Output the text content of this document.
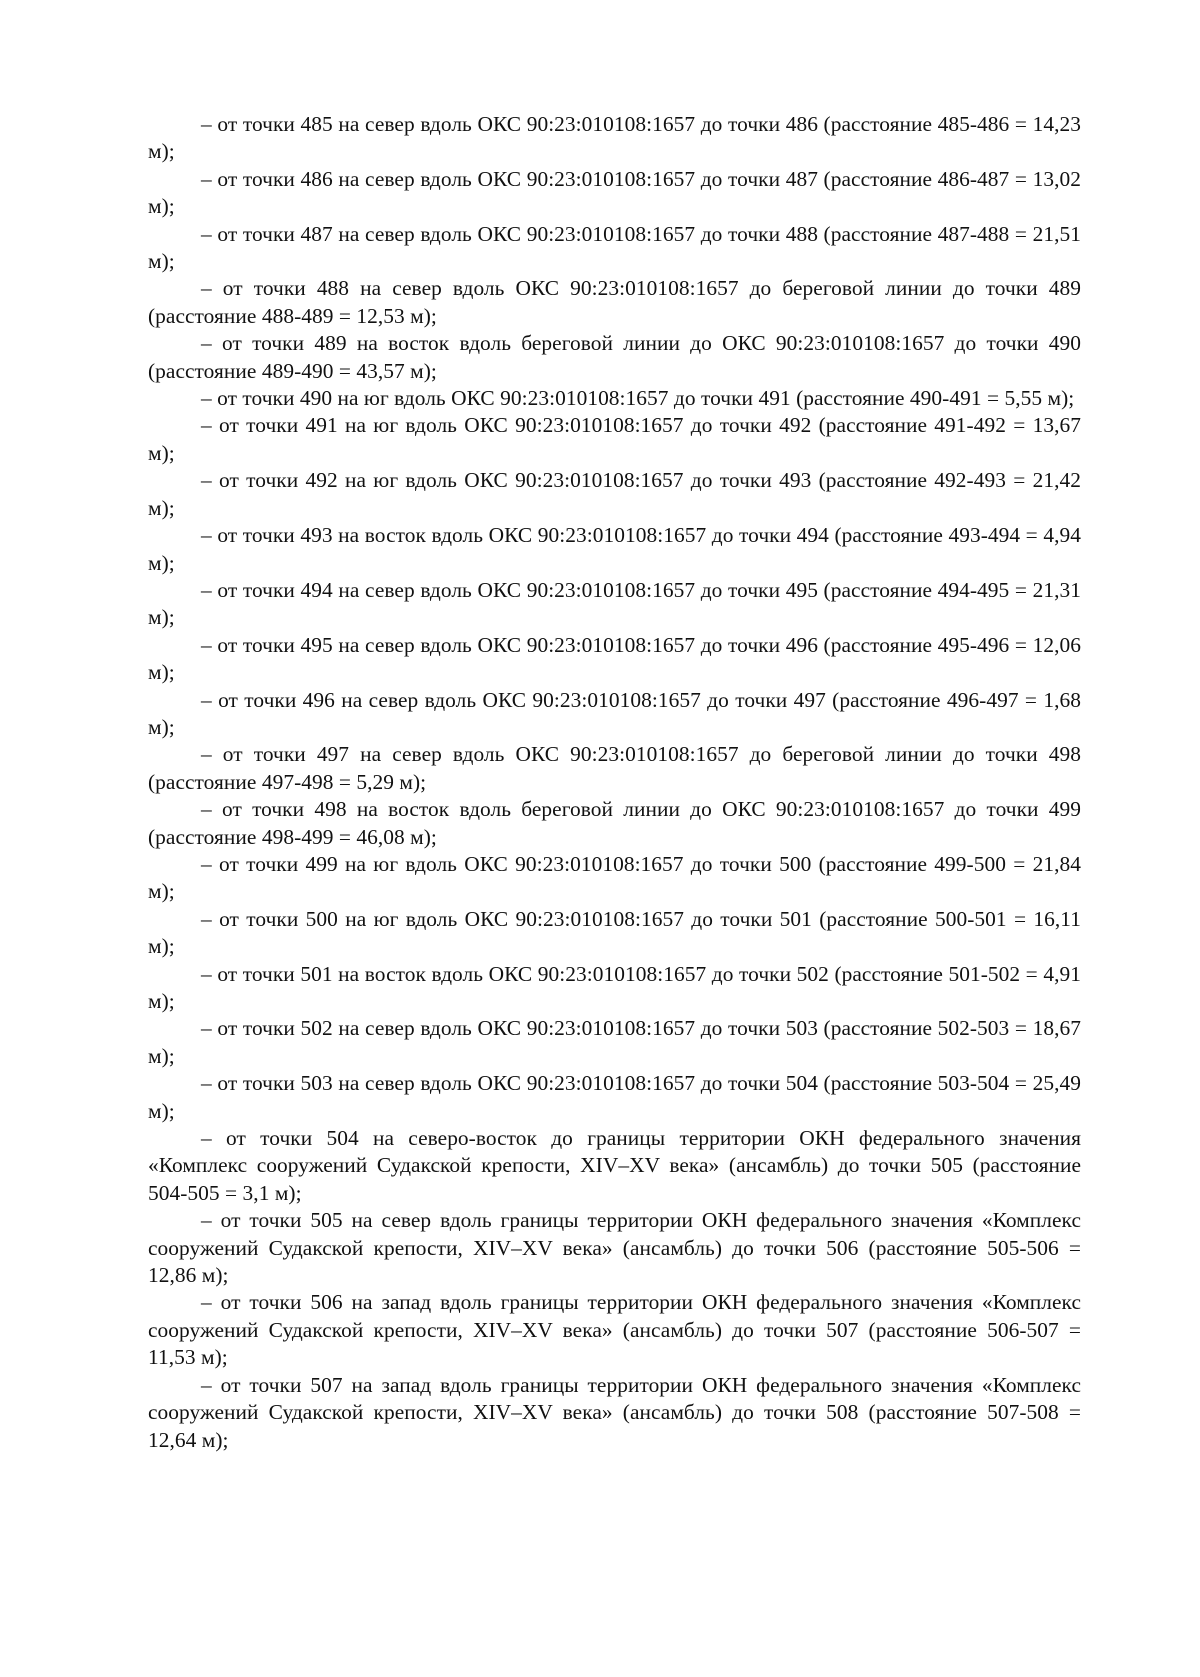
– от точки 485 на север вдоль ОКС 90:23:010108:1657 до точки 486 (расстояние 485-486 = 14,23 м);

– от точки 486 на север вдоль ОКС 90:23:010108:1657 до точки 487 (расстояние 486-487 = 13,02 м);

– от точки 487 на север вдоль ОКС 90:23:010108:1657 до точки 488 (расстояние 487-488 = 21,51 м);

– от точки 488 на север вдоль ОКС 90:23:010108:1657 до береговой линии до точки 489 (расстояние 488-489 = 12,53 м);

– от точки 489 на восток вдоль береговой линии до ОКС 90:23:010108:1657 до точки 490 (расстояние 489-490 = 43,57 м);

– от точки 490 на юг вдоль ОКС 90:23:010108:1657 до точки 491 (расстояние 490-491 = 5,55 м);

– от точки 491 на юг вдоль ОКС 90:23:010108:1657 до точки 492 (расстояние 491-492 = 13,67 м);

– от точки 492 на юг вдоль ОКС 90:23:010108:1657 до точки 493 (расстояние 492-493 = 21,42 м);

– от точки 493 на восток вдоль ОКС 90:23:010108:1657 до точки 494 (расстояние 493-494 = 4,94 м);

– от точки 494 на север вдоль ОКС 90:23:010108:1657 до точки 495 (расстояние 494-495 = 21,31 м);

– от точки 495 на север вдоль ОКС 90:23:010108:1657 до точки 496 (расстояние 495-496 = 12,06 м);

– от точки 496 на север вдоль ОКС 90:23:010108:1657 до точки 497 (расстояние 496-497 = 1,68 м);

– от точки 497 на север вдоль ОКС 90:23:010108:1657 до береговой линии до точки 498 (расстояние 497-498 = 5,29 м);

– от точки 498 на восток вдоль береговой линии до ОКС 90:23:010108:1657 до точки 499 (расстояние 498-499 = 46,08 м);

– от точки 499 на юг вдоль ОКС 90:23:010108:1657 до точки 500 (расстояние 499-500 = 21,84 м);

– от точки 500 на юг вдоль ОКС 90:23:010108:1657 до точки 501 (расстояние 500-501 = 16,11 м);

– от точки 501 на восток вдоль ОКС 90:23:010108:1657 до точки 502 (расстояние 501-502 = 4,91 м);

– от точки 502 на север вдоль ОКС 90:23:010108:1657 до точки 503 (расстояние 502-503 = 18,67 м);

– от точки 503 на север вдоль ОКС 90:23:010108:1657 до точки 504 (расстояние 503-504 = 25,49 м);

– от точки 504 на северо-восток до границы территории ОКН федерального значения «Комплекс сооружений Судакской крепости, XIV–XV века» (ансамбль) до точки 505 (расстояние 504-505 = 3,1 м);

– от точки 505 на север вдоль границы территории ОКН федерального значения «Комплекс сооружений Судакской крепости, XIV–XV века» (ансамбль) до точки 506 (расстояние 505-506 = 12,86 м);

– от точки 506 на запад вдоль границы территории ОКН федерального значения «Комплекс сооружений Судакской крепости, XIV–XV века» (ансамбль) до точки 507 (расстояние 506-507 = 11,53 м);

– от точки 507 на запад вдоль границы территории ОКН федерального значения «Комплекс сооружений Судакской крепости, XIV–XV века» (ансамбль) до точки 508 (расстояние 507-508 = 12,64 м);
